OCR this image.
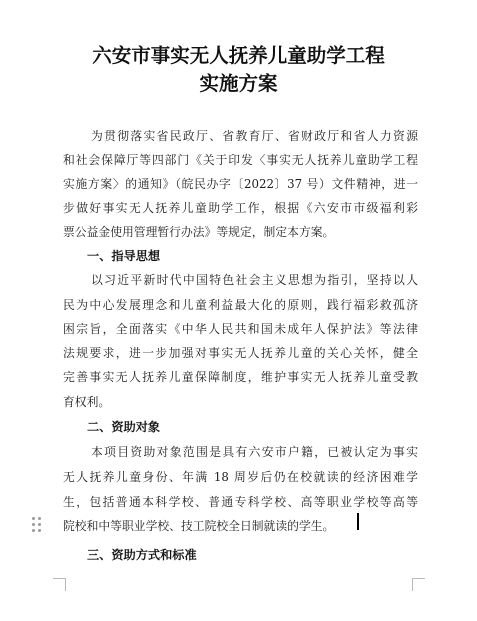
六安市事实无人抚养儿童助学工程
实施方案
为贯彻落实省民政厅、省教育厅、省财政厅和省人力资源
和社会保障厅等四部门《关于印发〈事实无人抚养儿童助学工程
实施方案〉的通知》（皖民办字〔2022〕37 号）文件精神，进一
步做好事实无人抚养儿童助学工作，根据《六安市市级福利彩
票公益金使用管理暂行办法》等规定，制定本方案。
一、指导思想
以习近平新时代中国特色社会主义思想为指引，坚持以人
民为中心发展理念和儿童利益最大化的原则，践行福彩救孤济
困宗旨，全面落实《中华人民共和国未成年人保护法》等法律
法规要求，进一步加强对事实无人抚养儿童的关心关怀，健全
完善事实无人抚养儿童保障制度，维护事实无人抚养儿童受教
育权利。
二、资助对象
本项目资助对象范围是具有六安市户籍，已被认定为事实
无人抚养儿童身份、年满 18 周岁后仍在校就读的经济困难学
生，包括普通本科学校、普通专科学校、高等职业学校等高等
院校和中等职业学校、技工院校全日制就读的学生。
三、资助方式和标准
